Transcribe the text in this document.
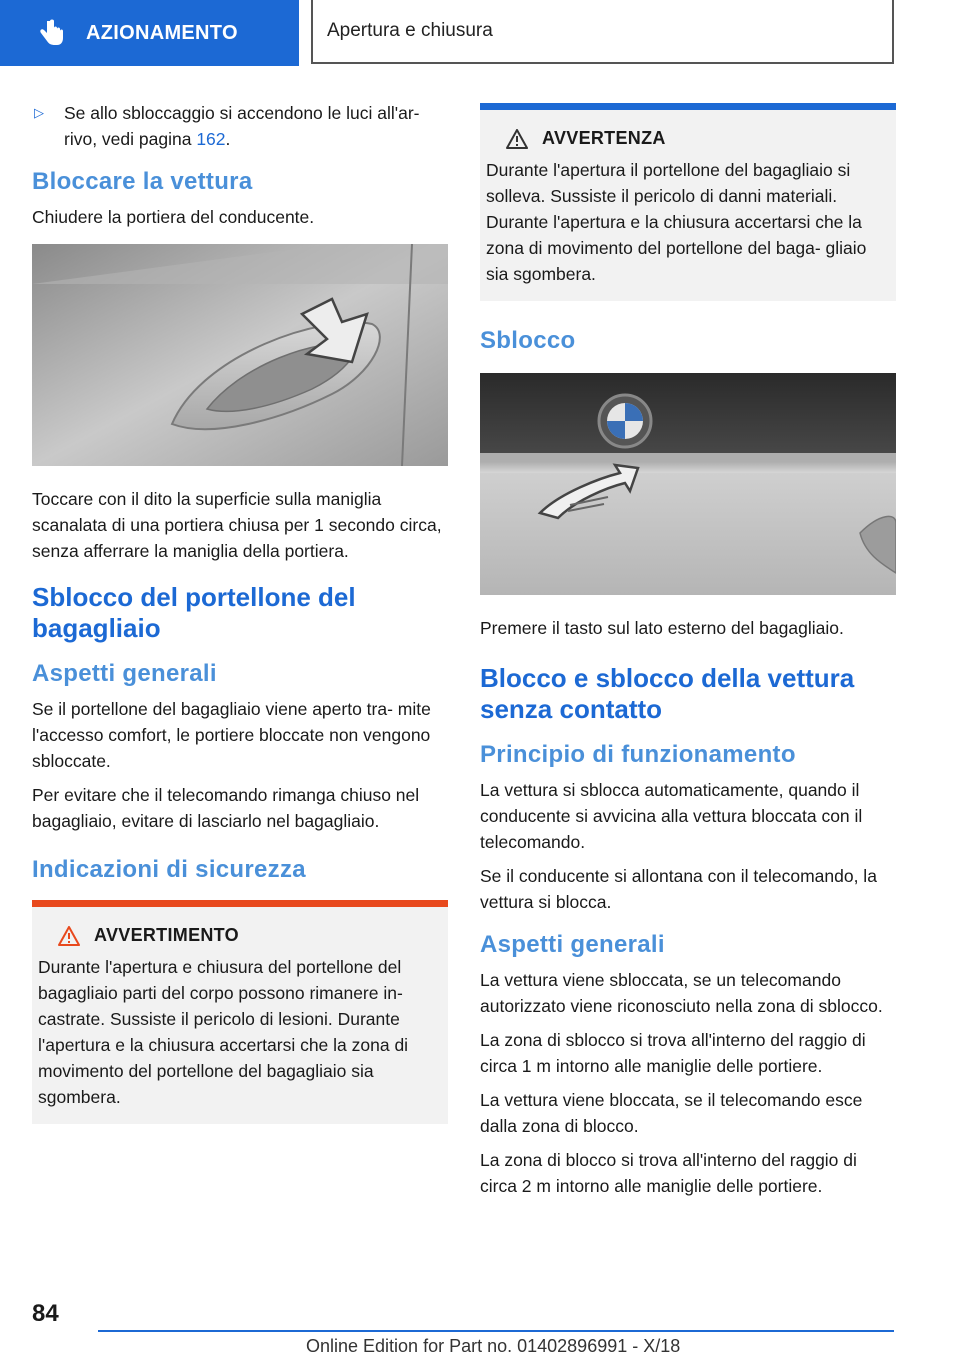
AZIONAMENTO	Apertura e chiusura
▷	Se allo sbloccaggio si accendono le luci all'ar- rivo, vedi pagina 162.
Bloccare la vettura

Chiudere la portiera del conducente.

Toccare con il dito la superficie sulla maniglia scanalata di una portiera chiusa per 1 secondo circa, senza afferrare la maniglia della portiera.

Sblocco del portellone del bagagliaio
Aspetti generali

Se il portellone del bagagliaio viene aperto tra- mite l'accesso comfort, le portiere bloccate non vengono sbloccate.

Per evitare che il telecomando rimanga chiuso nel bagagliaio, evitare di lasciarlo nel bagagliaio.

Indicazioni di sicurezza
AVVERTIMENTO

Durante l'apertura e chiusura del portellone del bagagliaio parti del corpo possono rimanere in- castrate. Sussiste il pericolo di lesioni. Durante l'apertura e la chiusura accertarsi che la zona di movimento del portellone del bagagliaio sia sgombera.

AVVERTENZA

Durante l'apertura il portellone del bagagliaio si solleva. Sussiste il pericolo di danni materiali. Durante l'apertura e la chiusura accertarsi che la zona di movimento del portellone del baga- gliaio sia sgombera.

Sblocco

Premere il tasto sul lato esterno del bagagliaio.

Blocco e sblocco della vettura senza contatto
Principio di funzionamento

La vettura si sblocca automaticamente, quando il conducente si avvicina alla vettura bloccata con il telecomando.

Se il conducente si allontana con il telecomando, la vettura si blocca.

Aspetti generali

La vettura viene sbloccata, se un telecomando autorizzato viene riconosciuto nella zona di sblocco.

La zona di sblocco si trova all'interno del raggio di circa 1 m intorno alle maniglie delle portiere.

La vettura viene bloccata, se il telecomando esce dalla zona di blocco.

La zona di blocco si trova all'interno del raggio di circa 2 m intorno alle maniglie delle portiere.

84
Online Edition for Part no. 01402896991 - X/18
